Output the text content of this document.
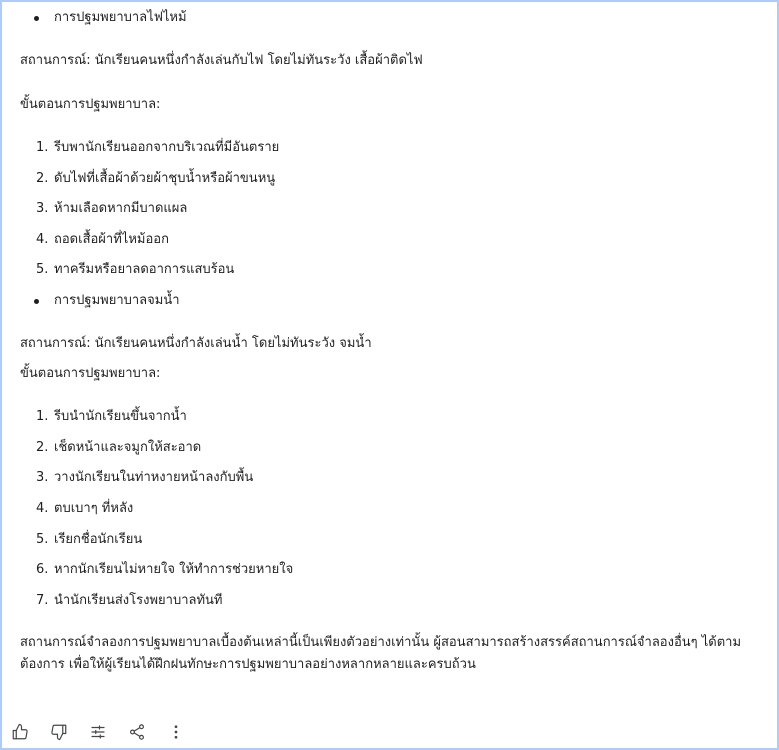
การปฐมพยาบาลไฟไหม้
สถานการณ์: นักเรียนคนหนึ่งกำลังเล่นกับไฟ โดยไม่ทันระวัง เสื้อผ้าติดไฟ
ขั้นตอนการปฐมพยาบาล:
1. รีบพานักเรียนออกจากบริเวณที่มีอันตราย
2. ดับไฟที่เสื้อผ้าด้วยผ้าชุบน้ำหรือผ้าขนหนู
3. ห้ามเลือดหากมีบาดแผล
4. ถอดเสื้อผ้าที่ไหม้ออก
5. ทาครีมหรือยาลดอาการแสบร้อน
การปฐมพยาบาลจมน้ำ
สถานการณ์: นักเรียนคนหนึ่งกำลังเล่นน้ำ โดยไม่ทันระวัง จมน้ำ
ขั้นตอนการปฐมพยาบาล:
1. รีบนำนักเรียนขึ้นจากน้ำ
2. เช็ดหน้าและจมูกให้สะอาด
3. วางนักเรียนในท่าหงายหน้าลงกับพื้น
4. ตบเบาๆ ที่หลัง
5. เรียกชื่อนักเรียน
6. หากนักเรียนไม่หายใจ ให้ทำการช่วยหายใจ
7. นำนักเรียนส่งโรงพยาบาลทันที
สถานการณ์จำลองการปฐมพยาบาลเบื้องต้นเหล่านี้เป็นเพียงตัวอย่างเท่านั้น ผู้สอนสามารถสร้างสรรค์สถานการณ์จำลองอื่นๆ ได้ตามต้องการ เพื่อให้ผู้เรียนได้ฝึกฝนทักษะการปฐมพยาบาลอย่างหลากหลายและครบถ้วน
